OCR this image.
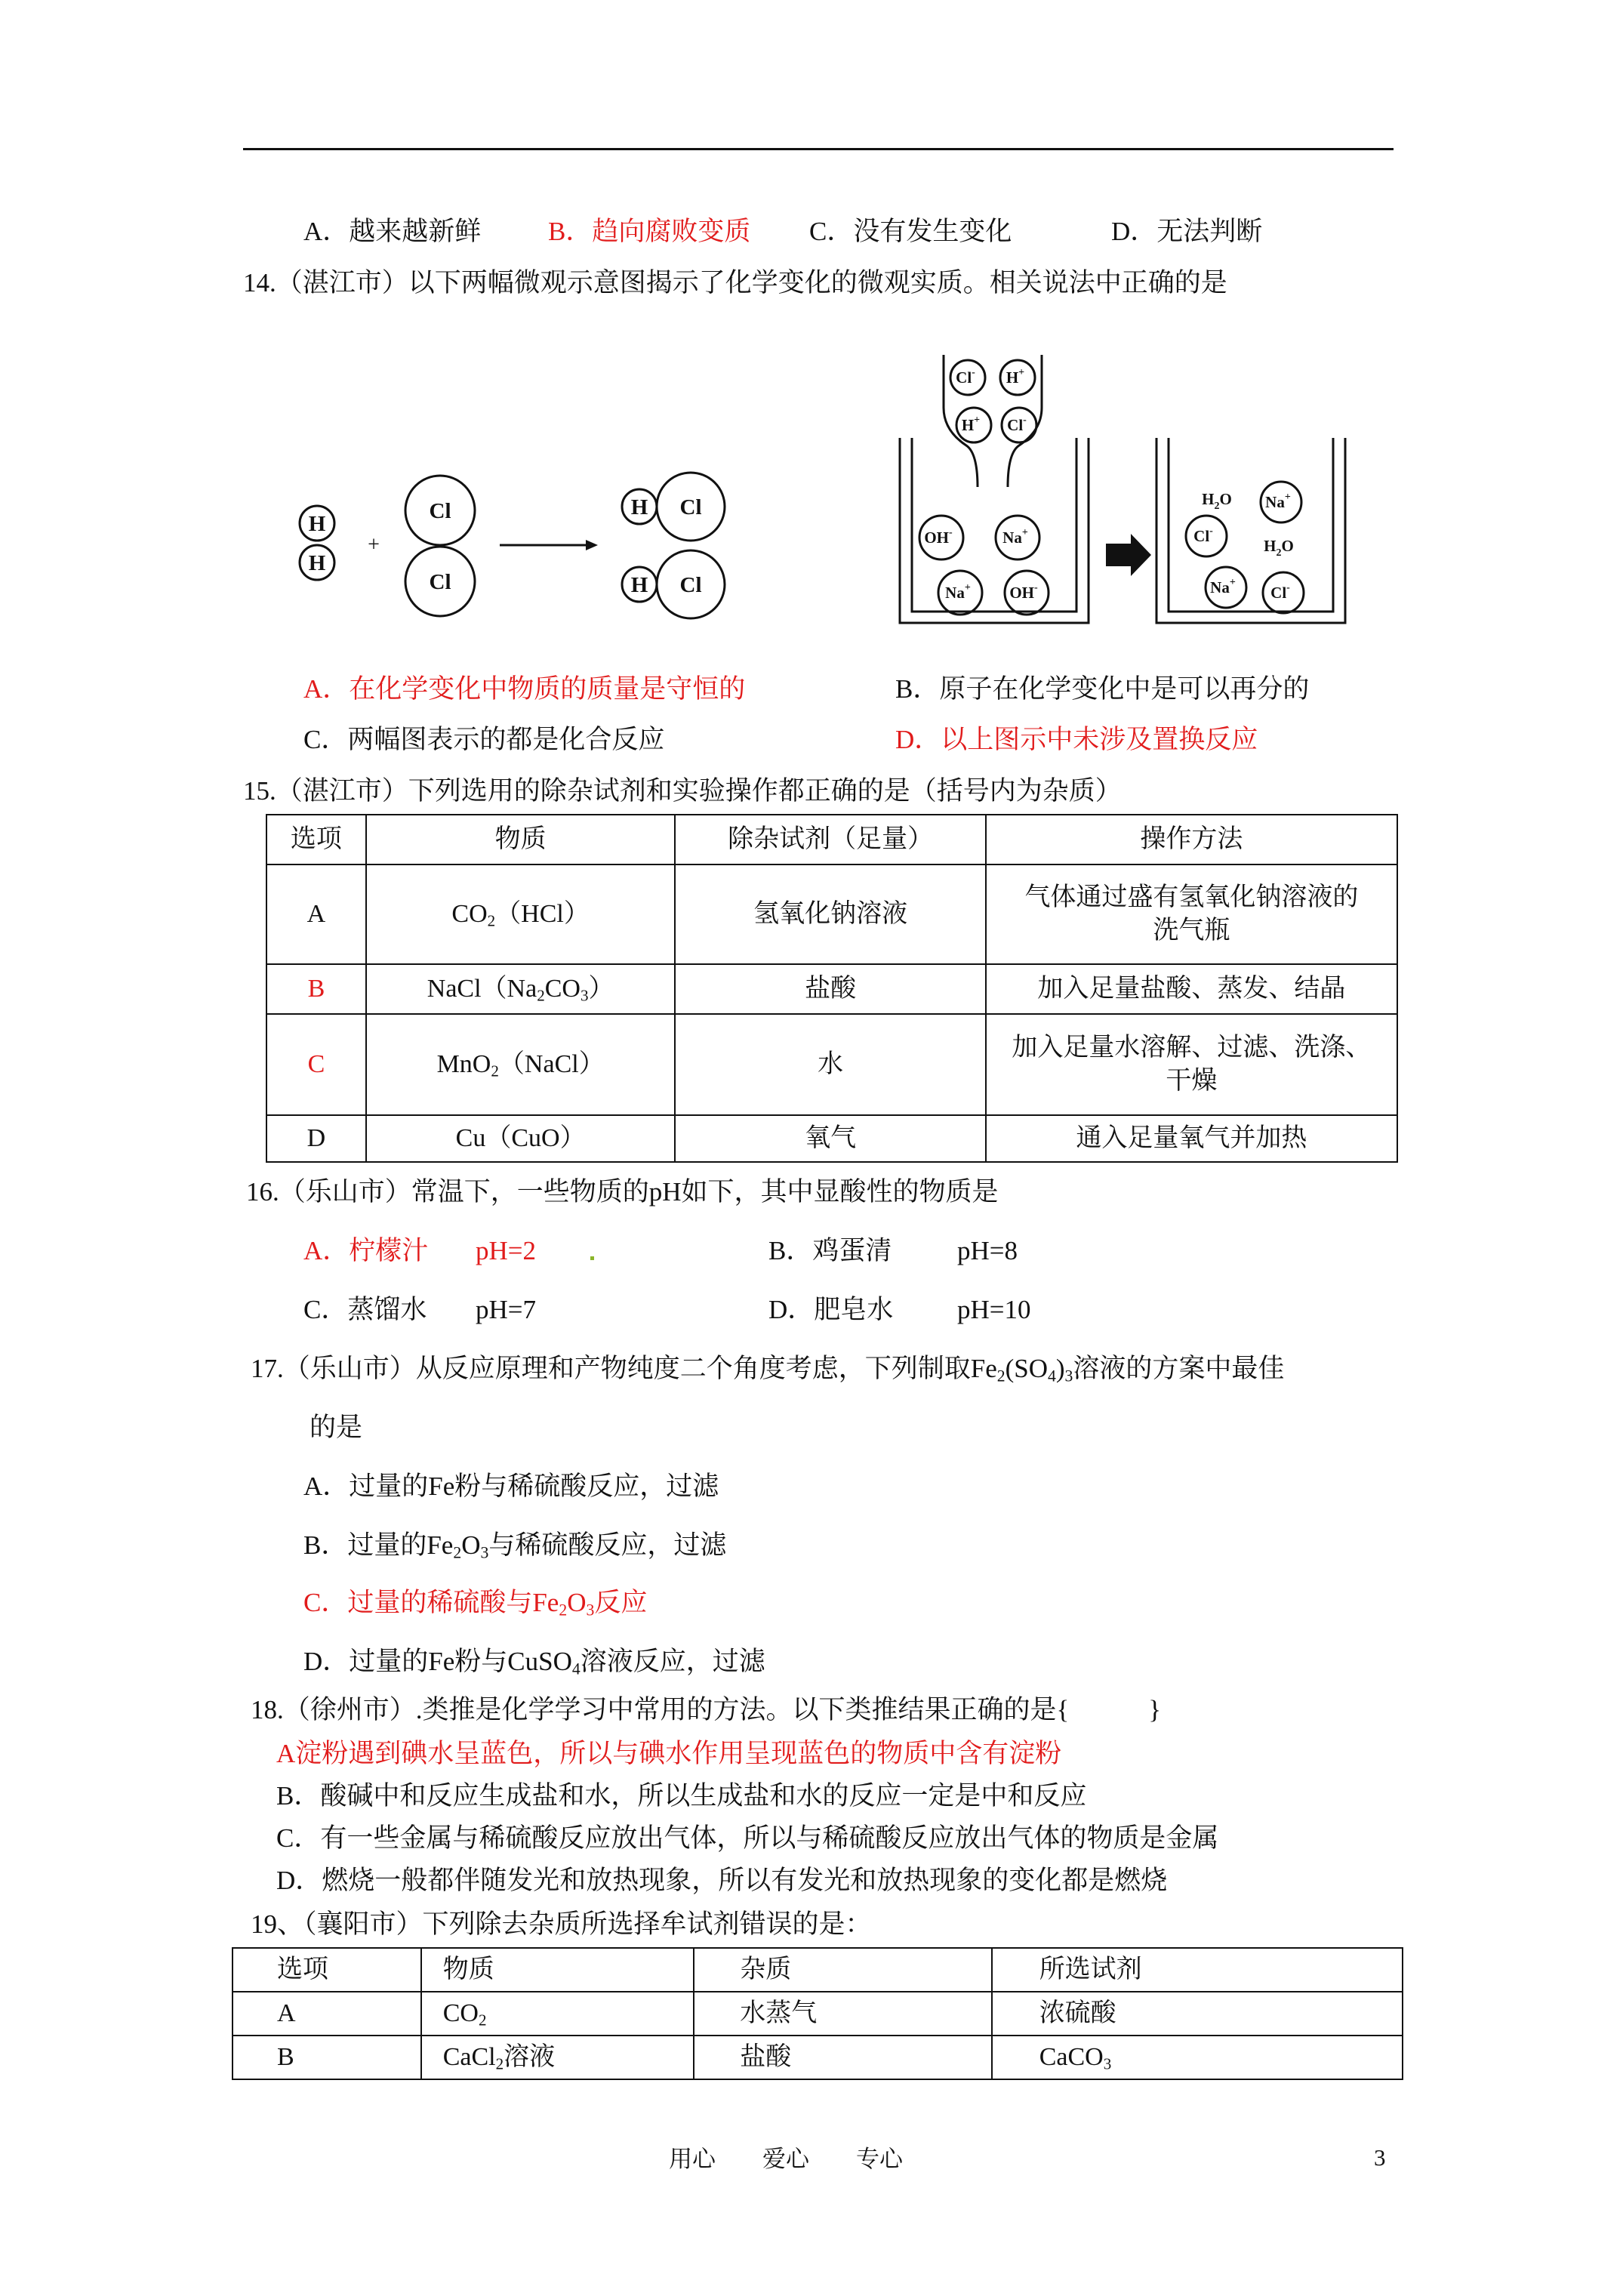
A．越来越新鲜	B．趋向腐败变质 C．没有发生变化	D．无法判断
14.（湛江市）以下两幅微观示意图揭示了化学变化的微观实质。相关说法中正确的是
H
H
Cl
Cl
H Cl
H Cl
+
Cl- H+
H+ Cl-
OH-	Na+
Na+ OH-
Cl-
Na+
Na+
Cl-
$H_2O$
$H_2O$
A．在化学变化中物质的质量是守恒的	B．原子在化学变化中是可以再分的
C．两幅图表示的都是化合反应	D．以上图示中未涉及置换反应
15.（湛江市）下列选用的除杂试剂和实验操作都正确的是（括号内为杂质）
选项	物质	除杂试剂（足量）	操作方法
A	$CO_2(HCl)$	氢氧化钠溶液	气体通过盛有氢氧化钠溶液的
洗气瓶

B	$NaCl(Na_2CO_3)$	盐酸	加入足量盐酸、蒸发、结晶
C	MnO$_2$（NaCl）	水	加入足量水溶解、过滤、洗涤、
干燥

D	Cu（CuO）	氧气	通入足量氧气并加热
16.（乐山市）常温下，一些物质的pH如下，其中显酸性的物质是
A．柠檬汁 pH=2	B．鸡蛋清 pH=8
C．蒸馏水 pH=7	D．肥皂水 pH=10
17.（乐山市）从反应原理和产物纯度二个角度考虑，下列制取$Fe_2(SO_4)_3$溶液的方案中最佳
的是
A．过量的Fe粉与稀硫酸反应，过滤
B．过量的$Fe_2O_3$与稀硫酸反应，过滤
C．过量的稀硫酸与$Fe_2O_3$反应
D．过量的Fe粉与CuSO$_4$溶液反应，过滤
18.（徐州市）.类推是化学学习中常用的方法。以下类推结果正确的是{　　　}
A淀粉遇到碘水呈蓝色，所以与碘水作用呈现蓝色的物质中含有淀粉
B．酸碱中和反应生成盐和水，所以生成盐和水的反应一定是中和反应
C．有一些金属与稀硫酸反应放出气体，所以与稀硫酸反应放出气体的物质是金属
D．燃烧一般都伴随发光和放热现象，所以有发光和放热现象的变化都是燃烧
19、（襄阳市）下列除去杂质所选择牟试剂错误的是：
选项	物质	杂质	所选试剂
A	$CO_2$	水蒸气	浓硫酸
B	CaCl$_2$溶液	盐酸	CaCO$_3$
用心　　爱心　　专心	3
